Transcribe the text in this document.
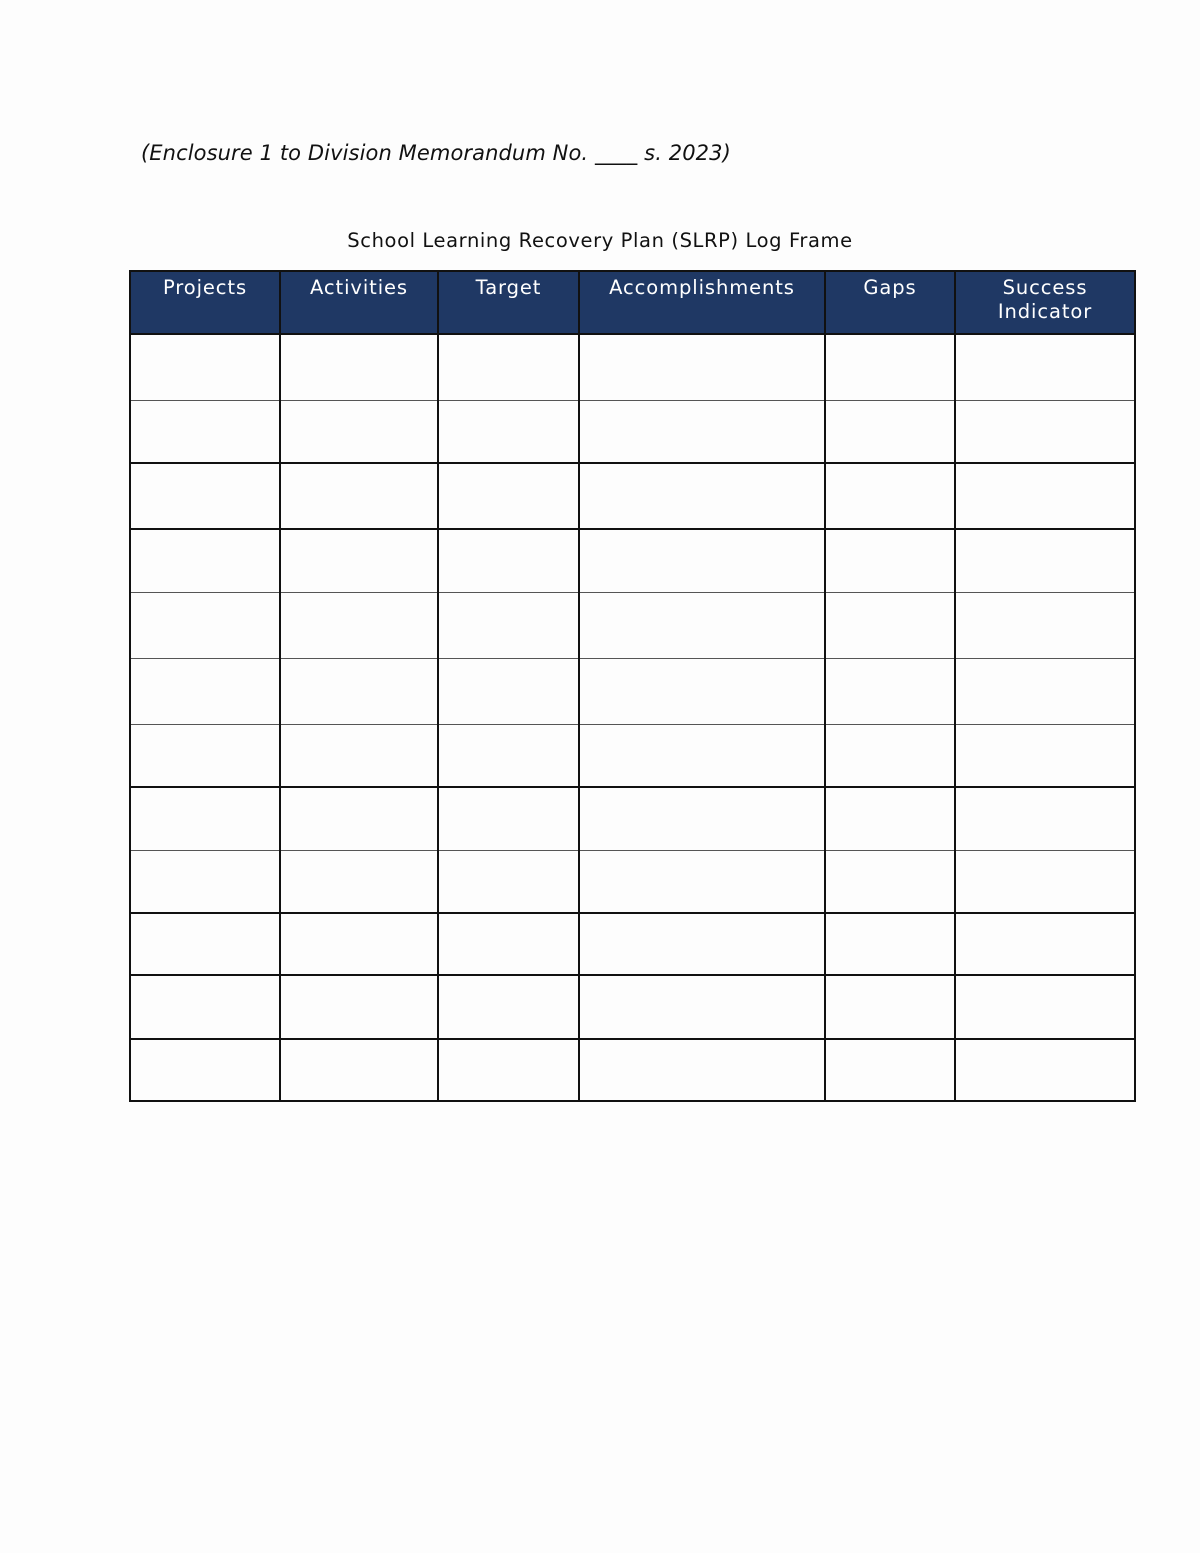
(Enclosure 1 to Division Memorandum No. ____ s. 2023)
School Learning Recovery Plan (SLRP) Log Frame
Projects	Activities	Target	Accomplishments	Gaps	Success Indicator
